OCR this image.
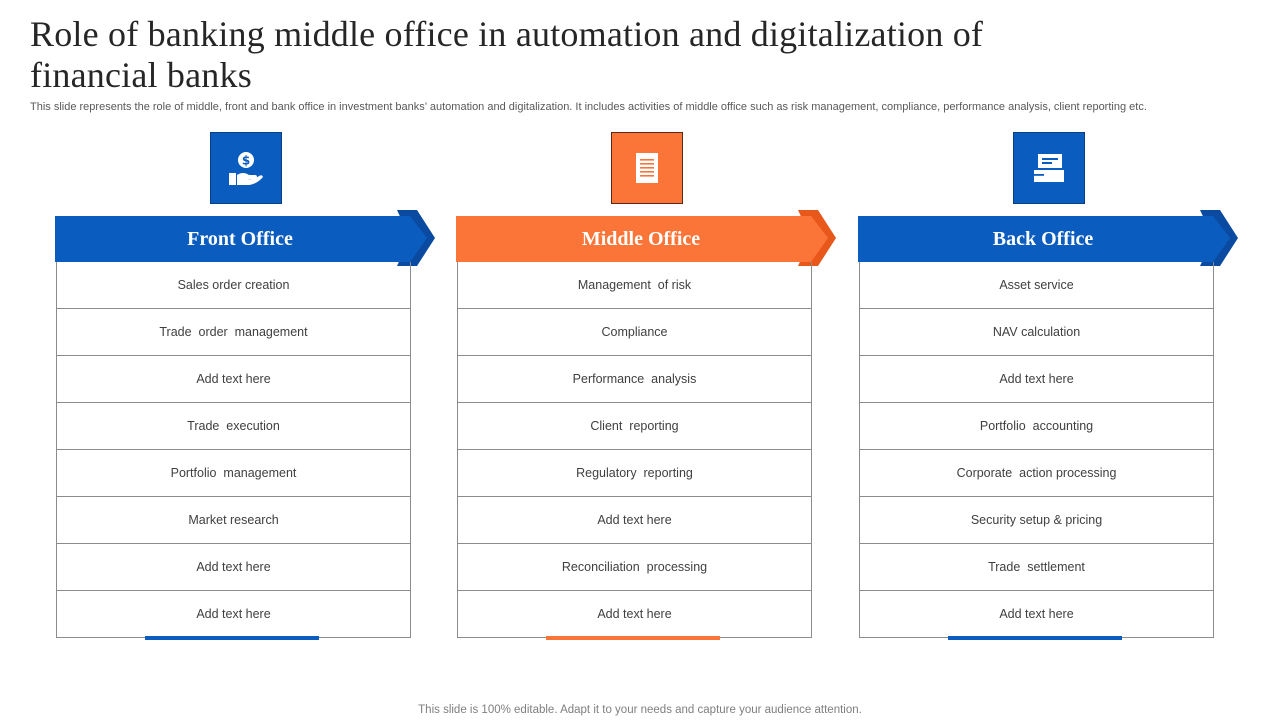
Role of banking middle office in automation and digitalization of financial banks
This slide represents the role of middle, front and bank office in investment banks’ automation and digitalization. It includes activities of middle office such as risk management, compliance, performance analysis, client reporting etc.
$
Front Office
Sales order creation
Trade  order  management
Add text here
Trade  execution
Portfolio  management
Market research
Add text here
Add text here
Middle Office
Management  of risk
Compliance
Performance  analysis
Client  reporting
Regulatory  reporting
Add text here
Reconciliation  processing
Add text here
Back Office
Asset service
NAV calculation
Add text here
Portfolio  accounting
Corporate  action processing
Security setup & pricing
Trade  settlement
Add text here
This slide is 100% editable. Adapt it to your needs and capture your audience attention.
